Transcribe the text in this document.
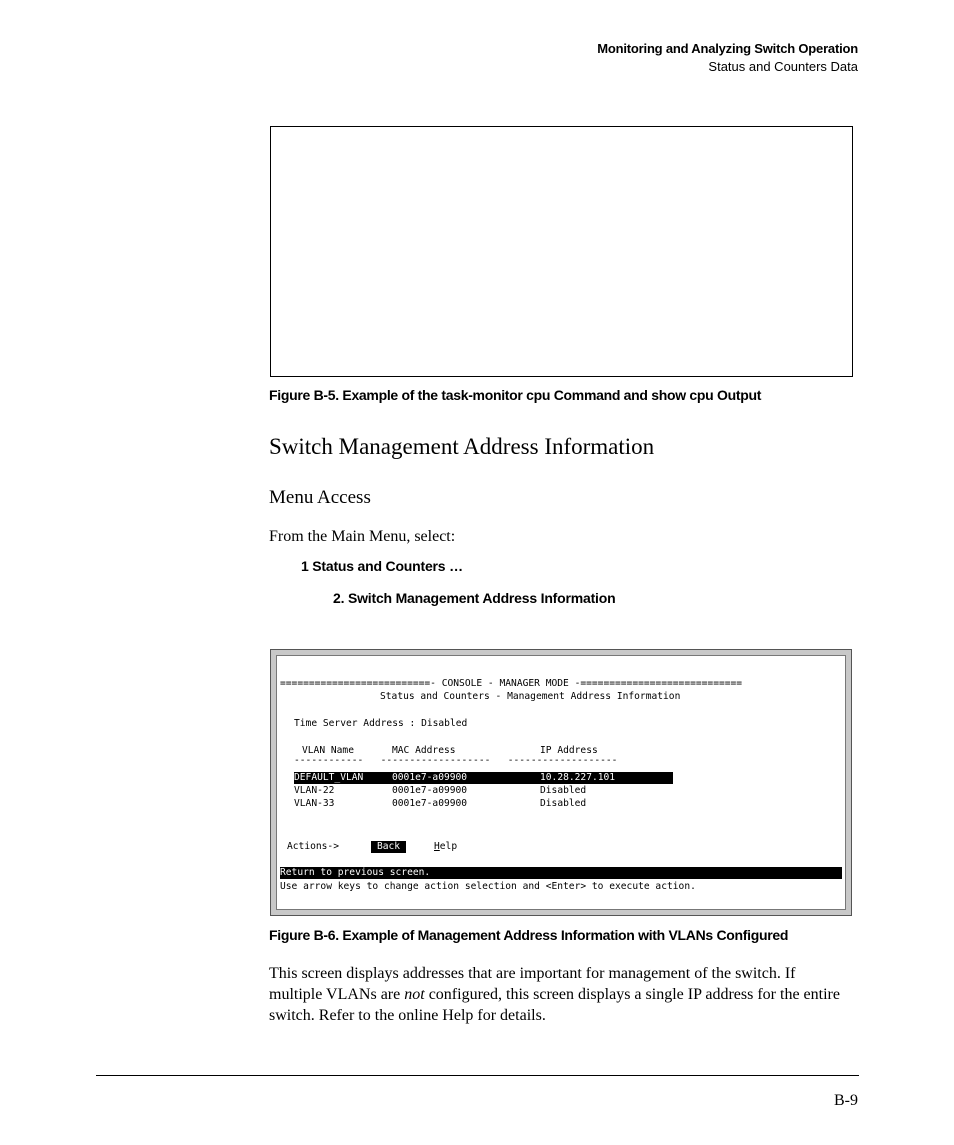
Monitoring and Analyzing Switch Operation
Status and Counters Data
Figure B-5. Example of the task-monitor cpu Command and show cpu Output
Switch Management Address Information
Menu Access
From the Main Menu, select:
1 Status and Counters …
2. Switch Management Address Information
==========================- CONSOLE - MANAGER MODE -============================
Status and Counters - Management Address Information
Time Server Address : Disabled
VLAN Name	MAC Address	IP Address
------------   -------------------   -------------------
DEFAULT_VLAN	0001e7-a09900	10.28.227.101
VLAN-22	0001e7-a09900	Disabled
VLAN-33	0001e7-a09900	Disabled
Actions->	Back	Help
Return to previous screen.
Use arrow keys to change action selection and <Enter> to execute action.
Figure B-6. Example of Management Address Information with VLANs Configured
This screen displays addresses that are important for management of the switch. If multiple VLANs are not configured, this screen displays a single IP address for the entire switch. Refer to the online Help for details.
B-9
